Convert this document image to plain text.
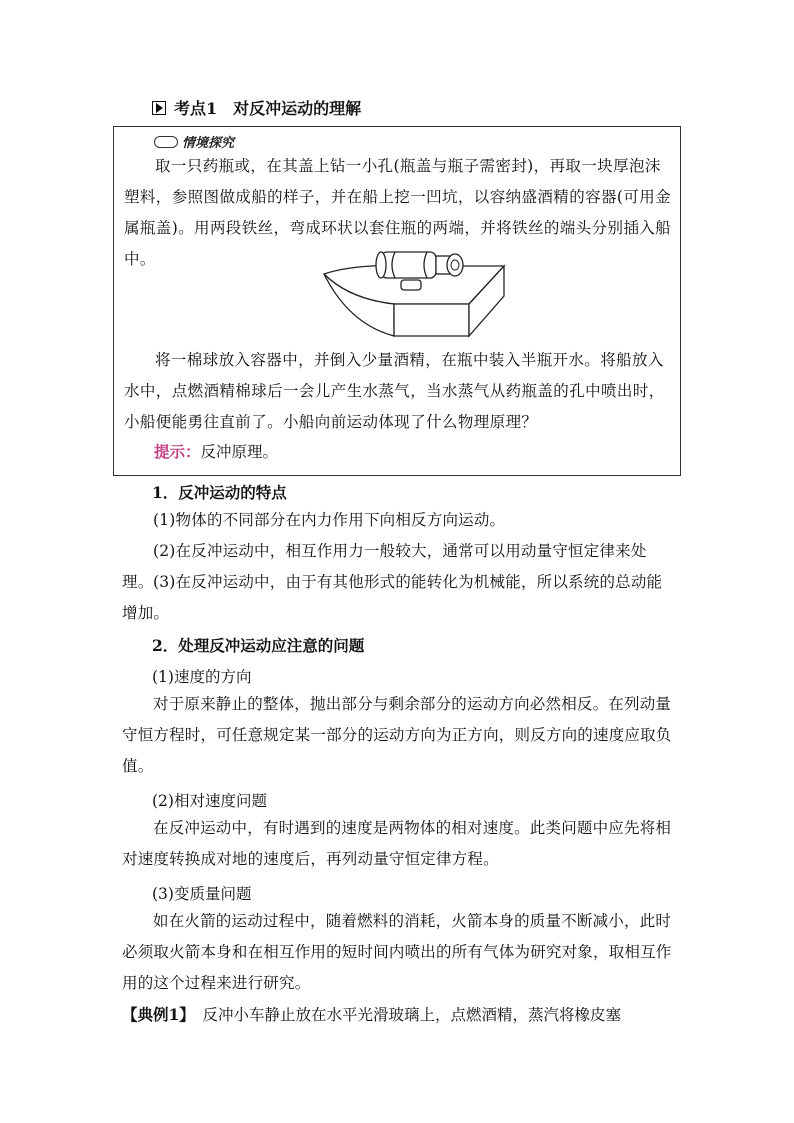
考点1　对反冲运动的理解
情境探究

取一只药瓶或，在其盖上钻一小孔(瓶盖与瓶子需密封)，再取一块厚泡沫塑料，参照图做成船的样子，并在船上挖一凹坑，以容纳盛酒精的容器(可用金属瓶盖)。用两段铁丝，弯成环状以套住瓶的两端，并将铁丝的端头分别插入船中。

将一棉球放入容器中，并倒入少量酒精，在瓶中装入半瓶开水。将船放入水中，点燃酒精棉球后一会儿产生水蒸气，当水蒸气从药瓶盖的孔中喷出时，小船便能勇往直前了。小船向前运动体现了什么物理原理？

提示：反冲原理。
1．反冲运动的特点

(1)物体的不同部分在内力作用下向相反方向运动。

(2)在反冲运动中，相互作用力一般较大，通常可以用动量守恒定律来处理。 (3)在反冲运动中，由于有其他形式的能转化为机械能，所以系统的总动能增加。

2．处理反冲运动应注意的问题
(1)速度的方向

对于原来静止的整体，抛出部分与剩余部分的运动方向必然相反。在列动量守恒方程时，可任意规定某一部分的运动方向为正方向，则反方向的速度应取负值。

(2)相对速度问题

在反冲运动中，有时遇到的速度是两物体的相对速度。此类问题中应先将相对速度转换成对地的速度后，再列动量守恒定律方程。

(3)变质量问题

如在火箭的运动过程中，随着燃料的消耗，火箭本身的质量不断减小，此时必须取火箭本身和在相互作用的短时间内喷出的所有气体为研究对象，取相互作用的这个过程来进行研究。

【典例1】　反冲小车静止放在水平光滑玻璃上，点燃酒精，蒸汽将橡皮塞
